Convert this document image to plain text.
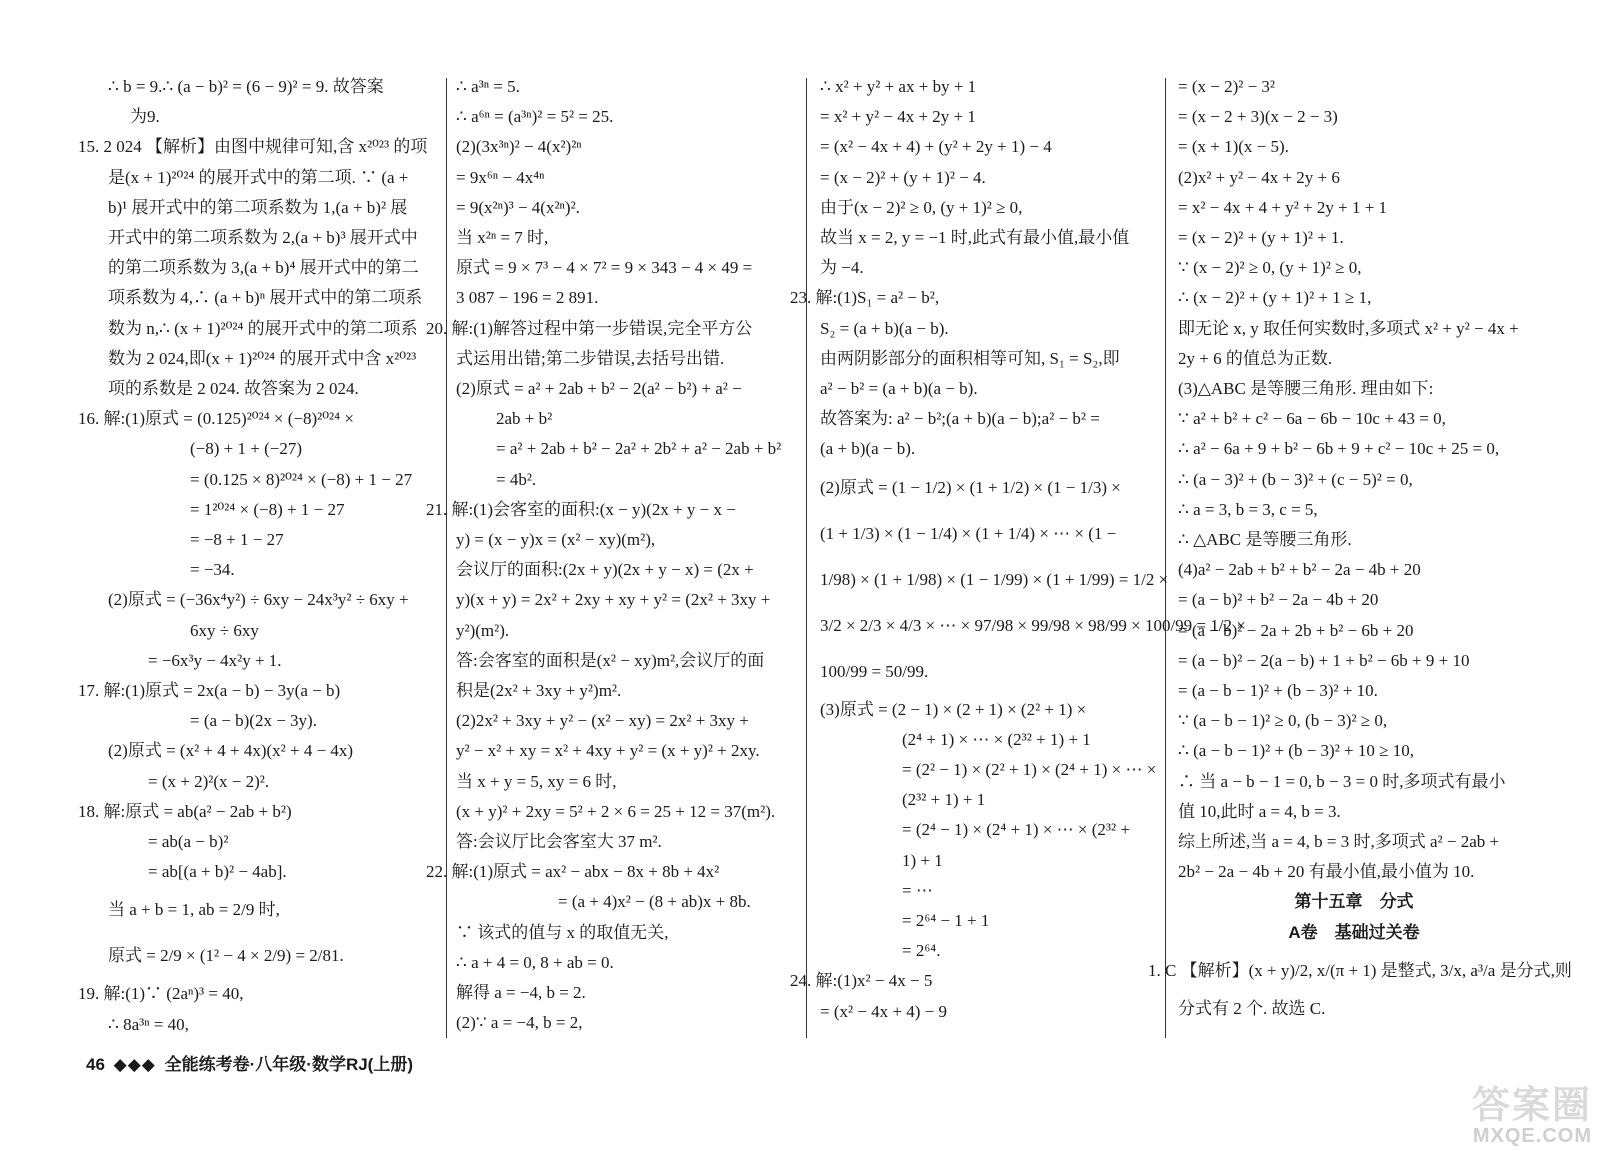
∴ b = 9.∴ (a − b)² = (6 − 9)² = 9. 故答案
为9.
15. 2 024 【解析】由图中规律可知,含 x²⁰²³ 的项
是(x + 1)²⁰²⁴ 的展开式中的第二项. ∵ (a +
b)¹ 展开式中的第二项系数为 1,(a + b)² 展
开式中的第二项系数为 2,(a + b)³ 展开式中
的第二项系数为 3,(a + b)⁴ 展开式中的第二
项系数为 4,∴ (a + b)ⁿ 展开式中的第二项系
数为 n,∴ (x + 1)²⁰²⁴ 的展开式中的第二项系
数为 2 024,即(x + 1)²⁰²⁴ 的展开式中含 x²⁰²³
项的系数是 2 024. 故答案为 2 024.
16. 解:(1)原式 = (0.125)²⁰²⁴ × (−8)²⁰²⁴ ×
(−8) + 1 + (−27)
= (0.125 × 8)²⁰²⁴ × (−8) + 1 − 27
= 1²⁰²⁴ × (−8) + 1 − 27
= −8 + 1 − 27
= −34.
(2)原式 = (−36x⁴y²) ÷ 6xy − 24x³y² ÷ 6xy +
6xy ÷ 6xy
= −6x³y − 4x²y + 1.
17. 解:(1)原式 = 2x(a − b) − 3y(a − b)
= (a − b)(2x − 3y).
(2)原式 = (x² + 4 + 4x)(x² + 4 − 4x)
= (x + 2)²(x − 2)².
18. 解:原式 = ab(a² − 2ab + b²)
= ab(a − b)²
= ab[(a + b)² − 4ab].
当 a + b = 1, ab = 2/9 时,
原式 = 2/9 × (1² − 4 × 2/9) = 2/81.
19. 解:(1)∵ (2aⁿ)³ = 40,
∴ 8a³ⁿ = 40,
∴ a³ⁿ = 5.
∴ a⁶ⁿ = (a³ⁿ)² = 5² = 25.
(2)(3x³ⁿ)² − 4(x²)²ⁿ
= 9x⁶ⁿ − 4x⁴ⁿ
= 9(x²ⁿ)³ − 4(x²ⁿ)².
当 x²ⁿ = 7 时,
原式 = 9 × 7³ − 4 × 7² = 9 × 343 − 4 × 49 =
3 087 − 196 = 2 891.
20. 解:(1)解答过程中第一步错误,完全平方公
式运用出错;第二步错误,去括号出错.
(2)原式 = a² + 2ab + b² − 2(a² − b²) + a² −
2ab + b²
= a² + 2ab + b² − 2a² + 2b² + a² − 2ab + b²
= 4b².
21. 解:(1)会客室的面积:(x − y)(2x + y − x −
y) = (x − y)x = (x² − xy)(m²),
会议厅的面积:(2x + y)(2x + y − x) = (2x +
y)(x + y) = 2x² + 2xy + xy + y² = (2x² + 3xy +
y²)(m²).
答:会客室的面积是(x² − xy)m²,会议厅的面
积是(2x² + 3xy + y²)m².
(2)2x² + 3xy + y² − (x² − xy) = 2x² + 3xy +
y² − x² + xy = x² + 4xy + y² = (x + y)² + 2xy.
当 x + y = 5, xy = 6 时,
(x + y)² + 2xy = 5² + 2 × 6 = 25 + 12 = 37(m²).
答:会议厅比会客室大 37 m².
22. 解:(1)原式 = ax² − abx − 8x + 8b + 4x²
= (a + 4)x² − (8 + ab)x + 8b.
∵ 该式的值与 x 的取值无关,
∴ a + 4 = 0, 8 + ab = 0.
解得 a = −4, b = 2.
(2)∵ a = −4, b = 2,
∴ x² + y² + ax + by + 1
= x² + y² − 4x + 2y + 1
= (x² − 4x + 4) + (y² + 2y + 1) − 4
= (x − 2)² + (y + 1)² − 4.
由于(x − 2)² ≥ 0, (y + 1)² ≥ 0,
故当 x = 2, y = −1 时,此式有最小值,最小值
为 −4.
23. 解:(1)S₁ = a² − b²,
S₂ = (a + b)(a − b).
由两阴影部分的面积相等可知, S₁ = S₂,即
a² − b² = (a + b)(a − b).
故答案为: a² − b²;(a + b)(a − b);a² − b² =
(a + b)(a − b).
(2)原式 = (1 − 1/2) × (1 + 1/2) × (1 − 1/3) ×
(1 + 1/3) × (1 − 1/4) × (1 + 1/4) × ⋯ × (1 −
1/98) × (1 + 1/98) × (1 − 1/99) × (1 + 1/99) = 1/2 ×
3/2 × 2/3 × 4/3 × ⋯ × 97/98 × 99/98 × 98/99 × 100/99 = 1/2 ×
100/99 = 50/99.
(3)原式 = (2 − 1) × (2 + 1) × (2² + 1) ×
(2⁴ + 1) × ⋯ × (2³² + 1) + 1
= (2² − 1) × (2² + 1) × (2⁴ + 1) × ⋯ ×
(2³² + 1) + 1
= (2⁴ − 1) × (2⁴ + 1) × ⋯ × (2³² +
1) + 1
= ⋯
= 2⁶⁴ − 1 + 1
= 2⁶⁴.
24. 解:(1)x² − 4x − 5
= (x² − 4x + 4) − 9
= (x − 2)² − 3²
= (x − 2 + 3)(x − 2 − 3)
= (x + 1)(x − 5).
(2)x² + y² − 4x + 2y + 6
= x² − 4x + 4 + y² + 2y + 1 + 1
= (x − 2)² + (y + 1)² + 1.
∵ (x − 2)² ≥ 0, (y + 1)² ≥ 0,
∴ (x − 2)² + (y + 1)² + 1 ≥ 1,
即无论 x, y 取任何实数时,多项式 x² + y² − 4x +
2y + 6 的值总为正数.
(3)△ABC 是等腰三角形. 理由如下:
∵ a² + b² + c² − 6a − 6b − 10c + 43 = 0,
∴ a² − 6a + 9 + b² − 6b + 9 + c² − 10c + 25 = 0,
∴ (a − 3)² + (b − 3)² + (c − 5)² = 0,
∴ a = 3, b = 3, c = 5,
∴ △ABC 是等腰三角形.
(4)a² − 2ab + b² + b² − 2a − 4b + 20
= (a − b)² + b² − 2a − 4b + 20
= (a − b)² − 2a + 2b + b² − 6b + 20
= (a − b)² − 2(a − b) + 1 + b² − 6b + 9 + 10
= (a − b − 1)² + (b − 3)² + 10.
∵ (a − b − 1)² ≥ 0, (b − 3)² ≥ 0,
∴ (a − b − 1)² + (b − 3)² + 10 ≥ 10,
∴ 当 a − b − 1 = 0, b − 3 = 0 时,多项式有最小
值 10,此时 a = 4, b = 3.
综上所述,当 a = 4, b = 3 时,多项式 a² − 2ab +
2b² − 2a − 4b + 20 有最小值,最小值为 10.
第十五章　分式
A卷　基础过关卷
1. C 【解析】(x + y)/2, x/(π + 1) 是整式, 3/x, a³/a 是分式,则
分式有 2 个. 故选 C.
46 ◆◆◆ 全能练考卷·八年级·数学RJ(上册)
答案圈
MXQE.COM
